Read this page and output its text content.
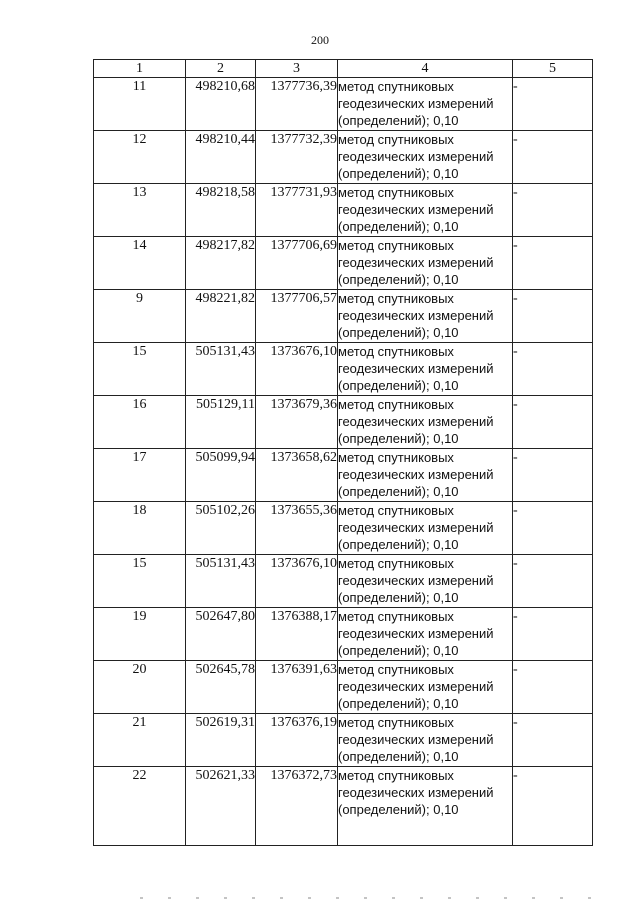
200
1	2	3	4	5
11	498210,68	1377736,39	метод спутниковых
геодезических измерений
(определений); 0,10	-
12	498210,44	1377732,39	метод спутниковых
геодезических измерений
(определений); 0,10	-
13	498218,58	1377731,93	метод спутниковых
геодезических измерений
(определений); 0,10	-
14	498217,82	1377706,69	метод спутниковых
геодезических измерений
(определений); 0,10	-
9	498221,82	1377706,57	метод спутниковых
геодезических измерений
(определений); 0,10	-
15	505131,43	1373676,10	метод спутниковых
геодезических измерений
(определений); 0,10	-
16	505129,11	1373679,36	метод спутниковых
геодезических измерений
(определений); 0,10	-
17	505099,94	1373658,62	метод спутниковых
геодезических измерений
(определений); 0,10	-
18	505102,26	1373655,36	метод спутниковых
геодезических измерений
(определений); 0,10	-
15	505131,43	1373676,10	метод спутниковых
геодезических измерений
(определений); 0,10	-
19	502647,80	1376388,17	метод спутниковых
геодезических измерений
(определений); 0,10	-
20	502645,78	1376391,63	метод спутниковых
геодезических измерений
(определений); 0,10	-
21	502619,31	1376376,19	метод спутниковых
геодезических измерений
(определений); 0,10	-
22	502621,33	1376372,73	метод спутниковых
геодезических измерений
(определений); 0,10	-
